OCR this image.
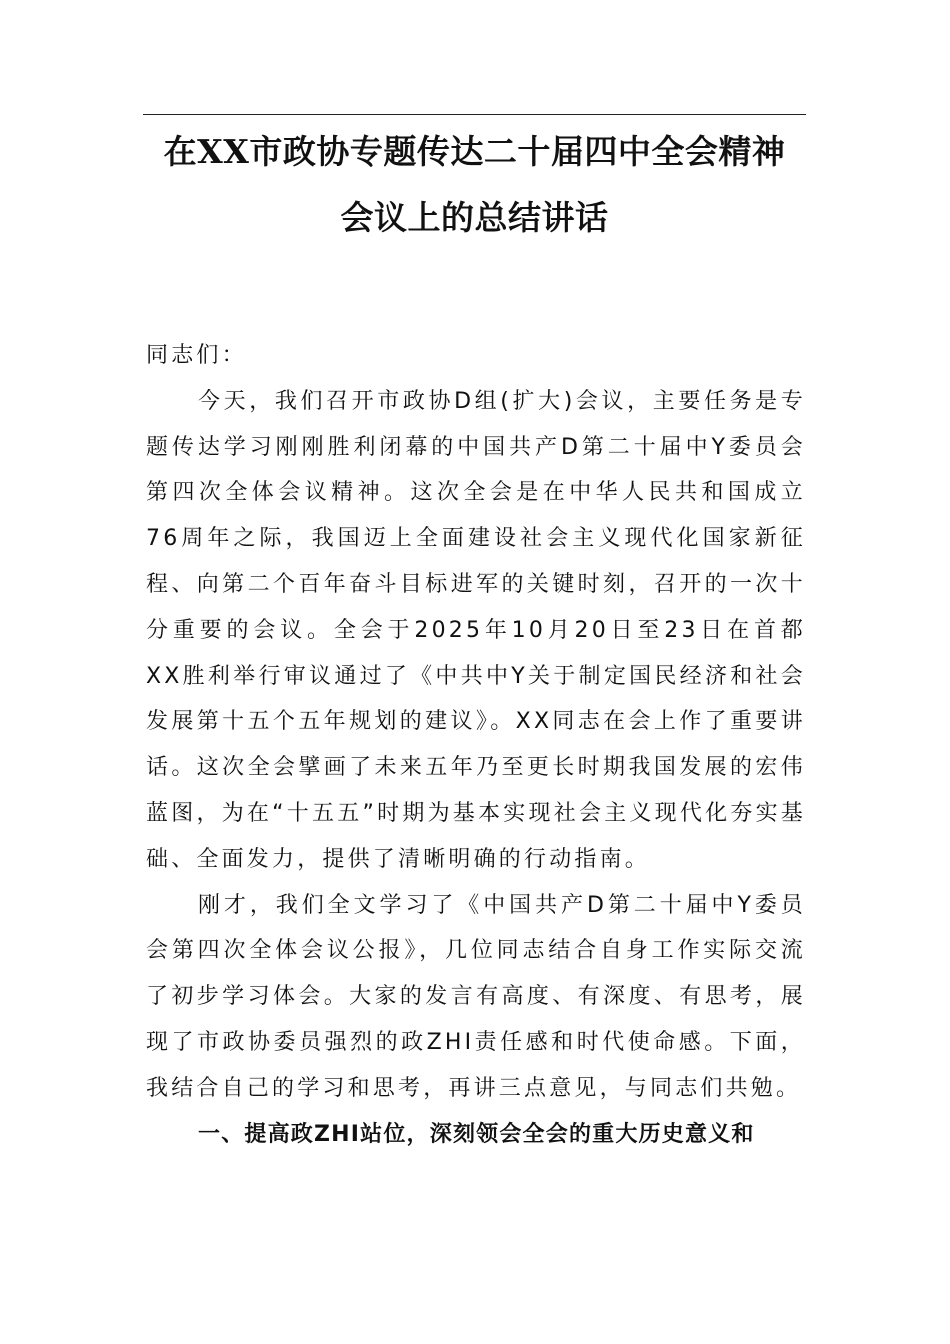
在XX市政协专题传达二十届四中全会精神
会议上的总结讲话

同志们：

今天，我们召开市政协D组(扩大)会议，主要任务是专题传达学习刚刚胜利闭幕的中国共产D第二十届中Y委员会第四次全体会议精神。这次全会是在中华人民共和国成立76周年之际，我国迈上全面建设社会主义现代化国家新征程、向第二个百年奋斗目标进军的关键时刻，召开的一次十分重要的会议。全会于2025年10月20日至23日在首都XX胜利举行审议通过了《中共中Y关于制定国民经济和社会发展第十五个五年规划的建议》。XX同志在会上作了重要讲话。这次全会擘画了未来五年乃至更长时期我国发展的宏伟蓝图，为在“十五五”时期为基本实现社会主义现代化夯实基础、全面发力，提供了清晰明确的行动指南。

刚才，我们全文学习了《中国共产D第二十届中Y委员会第四次全体会议公报》，几位同志结合自身工作实际交流了初步学习体会。大家的发言有高度、有深度、有思考，展现了市政协委员强烈的政ZHI责任感和时代使命感。下面，我结合自己的学习和思考，再讲三点意见，与同志们共勉。

一、提高政ZHI站位，深刻领会全会的重大历史意义和
